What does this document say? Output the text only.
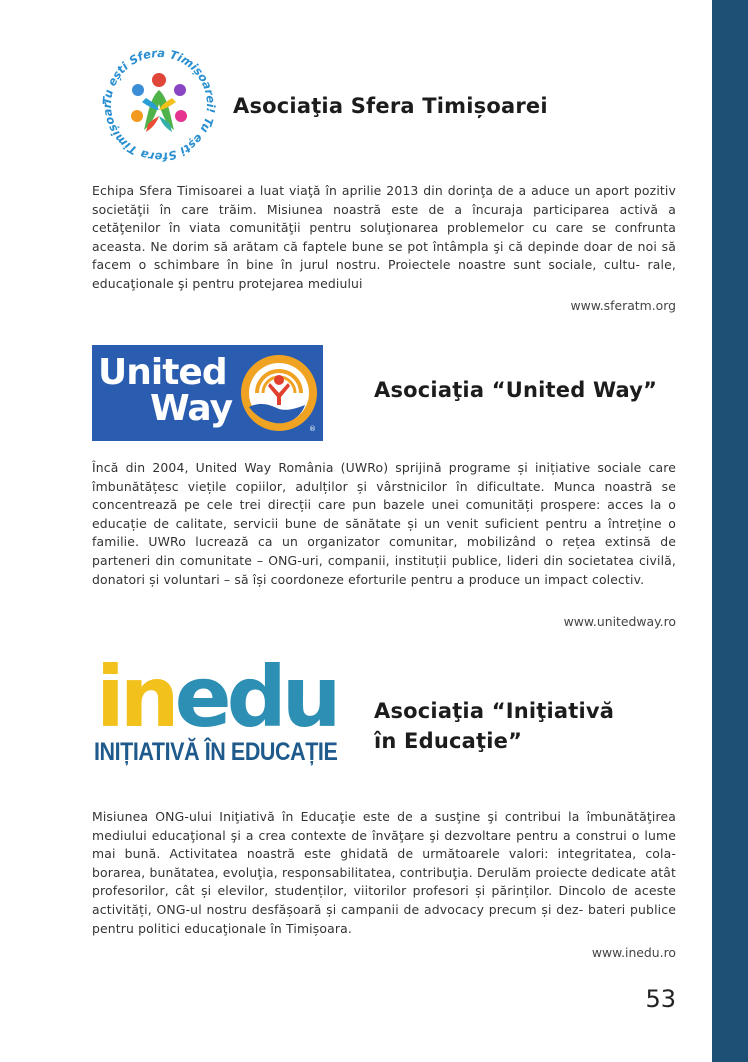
Tu ești Sfera Timișoarei! Tu ești Sfera Timișoar	Asociaţia Sfera Timișoarei

Echipa Sfera Timisoarei a luat viaţă în aprilie 2013 din dorinţa de a aduce un aport pozitiv societăţii în care trăim. Misiunea noastră este de a încuraja participarea activă a cetăţenilor în viata comunităţii pentru soluţionarea problemelor cu care se confrunta aceasta. Ne dorim să arătam că faptele bune se pot întâmpla şi că depinde doar de noi să facem o schimbare în bine în jurul nostru. Proiectele noastre sunt sociale, cultu- rale, educaţionale şi pentru protejarea mediului

www.sferatm.org

United
Way	®
Asociaţia “United Way”

Încă din 2004, United Way România (UWRo) sprijină programe și inițiative sociale care îmbunătățesc viețile copiilor, adulților și vârstnicilor în dificultate. Munca noastră se concentrează pe cele trei direcții care pun bazele unei comunități prospere: acces la o educație de calitate, servicii bune de sănătate și un venit suficient pentru a întreține o familie. UWRo lucrează ca un organizator comunitar, mobilizând o rețea extinsă de parteneri din comunitate – ONG-uri, companii, instituții publice, lideri din societatea civilă, donatori și voluntari – să își coordoneze eforturile pentru a produce un impact colectiv.

www.unitedway.ro

inedu
INIȚIATIVĂ ÎN EDUCAȚIE
Asociaţia “Iniţiativă
în Educaţie”

Misiunea ONG-ului Iniţiativă în Educaţie este de a susţine şi contribui la îmbunătăţirea mediului educaţional şi a crea contexte de învăţare şi dezvoltare pentru a construi o lume mai bună. Activitatea noastră este ghidată de următoarele valori: integritatea, cola- borarea, bunătatea, evoluţia, responsabilitatea, contribuţia. Derulăm proiecte dedicate atât profesorilor, cât și elevilor, studenților, viitorilor profesori și părinților. Dincolo de aceste activități, ONG-ul nostru desfășoară și campanii de advocacy precum și dez- bateri publice pentru politici educaţionale în Timișoara.

www.inedu.ro

53
